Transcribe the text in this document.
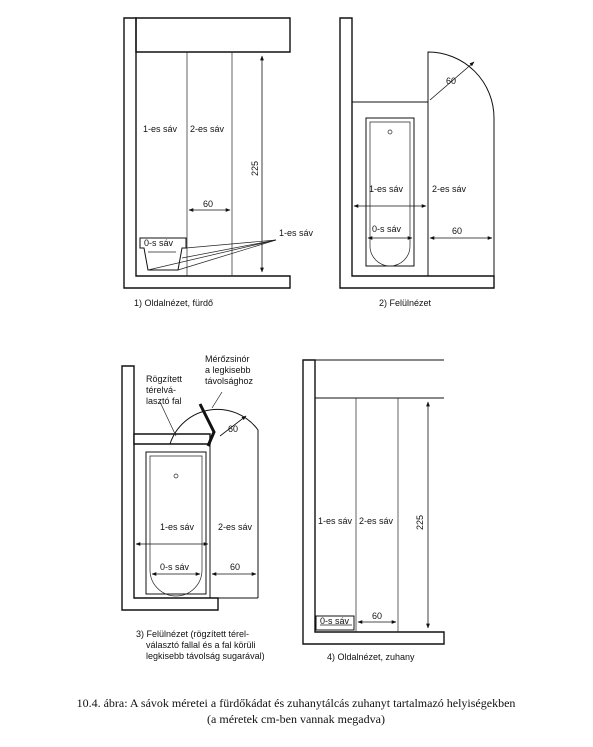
1-es sáv 2-es sáv
60
225
0-s sáv
1-es sáv
1) Oldalnézet, fürdő
60
1-es sáv	2-es sáv
0-s sáv	60
2) Felülnézet
Rögzített
térelvá-
lasztó fal
Mérőzsinór
a legkisebb
távolsághoz
60
1-es sáv	2-es sáv
0-s sáv	60
3) Felülnézet (rögzített térel-
választó fallal és a fal körüli
legkisebb távolság sugarával)
1-es sáv 2-es sáv 225
60
0-s sáv
4) Oldalnézet, zuhany
10.4. ábra: A sávok méretei a fürdőkádat és zuhanytálcás zuhanyt tartalmazó helyiségekben
(a méretek cm-ben vannak megadva)
